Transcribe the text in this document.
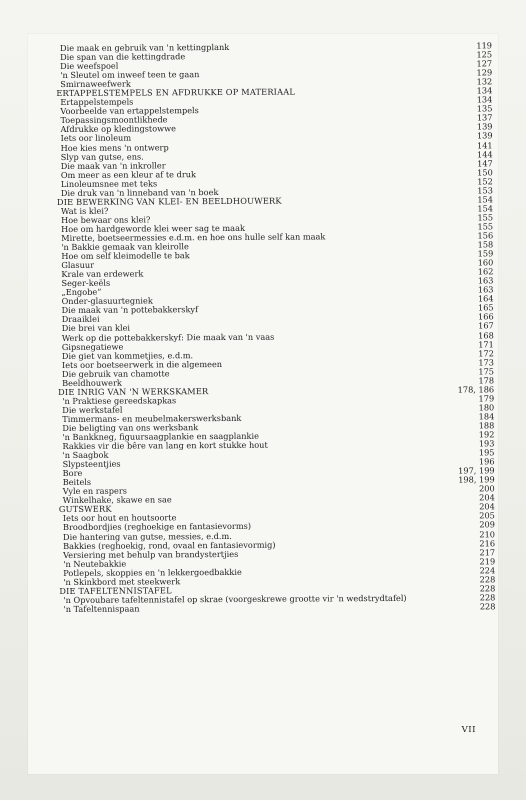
Die maak en gebruik van 'n kettingplank	119
Die span van die kettingdrade	125
Die weefspoel	127
'n Sleutel om inweef teen te gaan	129
Smirnaweefwerk	132
ERTAPPELSTEMPELS EN AFDRUKKE OP MATERIAAL	134
Ertappelstempels	134
Voorbeelde van ertappelstempels	135
Toepassingsmoontlikhede	137
Afdrukke op kledingstowwe	139
Iets oor linoleum	139
Hoe kies mens 'n ontwerp	141
Slyp van gutse, ens.	144
Die maak van 'n inkroller	147
Om meer as een kleur af te druk	150
Linoleumsnee met teks	152
Die druk van 'n linneband van 'n boek	153
DIE BEWERKING VAN KLEI- EN BEELDHOUWERK	154
Wat is klei?	154
Hoe bewaar ons klei?	155
Hoe om hardgeworde klei weer sag te maak	155
Mirette, boetseermessies e.d.m. en hoe ons hulle self kan maak	156
'n Bakkie gemaak van kleirolle	158
Hoe om self kleimodelle te bak	159
Glasuur	160
Krale van erdewerk	162
Seger-keëls	163
„Engobe”	163
Onder-glasuurtegniek	164
Die maak van 'n pottebakkerskyf	165
Draaiklei	166
Die brei van klei	167
Werk op die pottebakkerskyf: Die maak van 'n vaas	168
Gipsnegatiewe	171
Die giet van kommetjies, e.d.m.	172
Iets oor boetseerwerk in die algemeen	173
Die gebruik van chamotte	175
Beeldhouwerk	178
DIE INRIG VAN 'N WERKSKAMER	178, 186
'n Praktiese gereedskapkas	179
Die werkstafel	180
Timmermans- en meubelmakerswerksbank	184
Die beligting van ons werksbank	188
'n Bankkneg, figuursaagplankie en saagplankie	192
Rakkies vir die bêre van lang en kort stukke hout	193
'n Saagbok	195
Slypsteentjies	196
Bore	197, 199
Beitels	198, 199
Vyle en raspers	200
Winkelhake, skawe en sae	204
GUTSWERK	204
Iets oor hout en houtsoorte	205
Broodbordjies (reghoekige en fantasievorms)	209
Die hantering van gutse, messies, e.d.m.	210
Bakkies (reghoekig, rond, ovaal en fantasievormig)	216
Versiering met behulp van brandystertjies	217
'n Neutebakkie	219
Potlepels, skoppies en 'n lekkergoedbakkie	224
'n Skinkbord met steekwerk	228
DIE TAFELTENNISTAFEL	228
'n Opvoubare tafeltennistafel op skrae (voorgeskrewe grootte vir 'n wedstrydtafel)	228
'n Tafeltennispaan	228
VII
